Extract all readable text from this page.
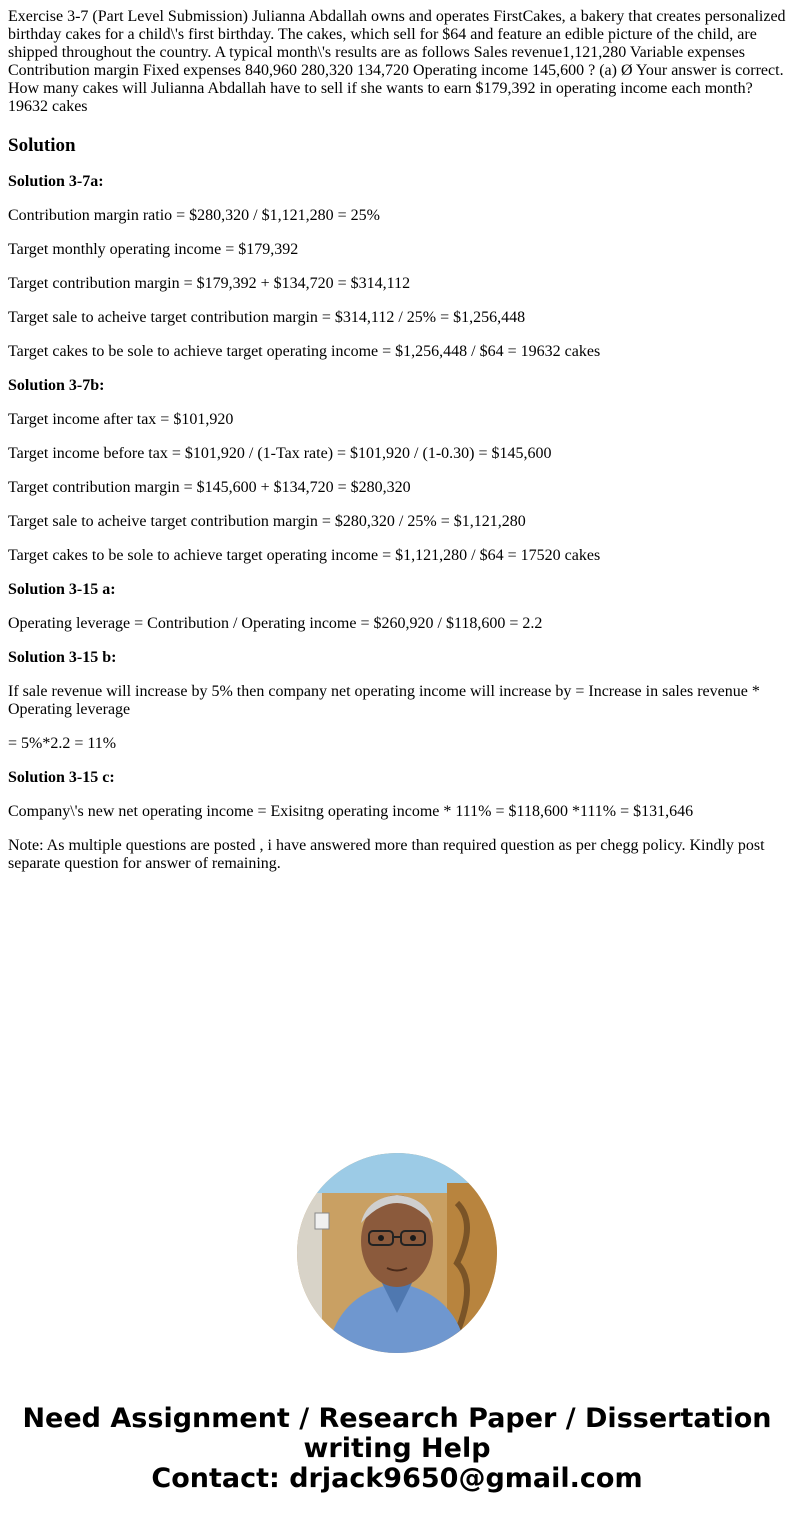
Exercise 3-7 (Part Level Submission) Julianna Abdallah owns and operates FirstCakes, a bakery that creates personalized birthday cakes for a child\'s first birthday. The cakes, which sell for $64 and feature an edible picture of the child, are shipped throughout the country. A typical month\'s results are as follows Sales revenue1,121,280 Variable expenses Contribution margin Fixed expenses 840,960 280,320 134,720 Operating income 145,600 ? (a) Ø Your answer is correct. How many cakes will Julianna Abdallah have to sell if she wants to earn $179,392 in operating income each month? 19632 cakes
Solution

Solution 3-7a:

Contribution margin ratio = $280,320 / $1,121,280 = 25%

Target monthly operating income = $179,392

Target contribution margin = $179,392 + $134,720 = $314,112

Target sale to acheive target contribution margin = $314,112 / 25% = $1,256,448

Target cakes to be sole to achieve target operating income = $1,256,448 / $64 = 19632 cakes

Solution 3-7b:

Target income after tax = $101,920

Target income before tax = $101,920 / (1-Tax rate) = $101,920 / (1-0.30) = $145,600

Target contribution margin = $145,600 + $134,720 = $280,320

Target sale to acheive target contribution margin = $280,320 / 25% = $1,121,280

Target cakes to be sole to achieve target operating income = $1,121,280 / $64 = 17520 cakes

Solution 3-15 a:

Operating leverage = Contribution / Operating income = $260,920 / $118,600 = 2.2

Solution 3-15 b:

If sale revenue will increase by 5% then company net operating income will increase by = Increase in sales revenue * Operating leverage

= 5%*2.2 = 11%

Solution 3-15 c:

Company\'s new net operating income = Exisitng operating income * 111% = $118,600 *111% = $131,646

Note: As multiple questions are posted , i have answered more than required question as per chegg policy. Kindly post separate question for answer of remaining.

Need Assignment / Research Paper / Dissertation
writing Help
Contact: drjack9650@gmail.com
